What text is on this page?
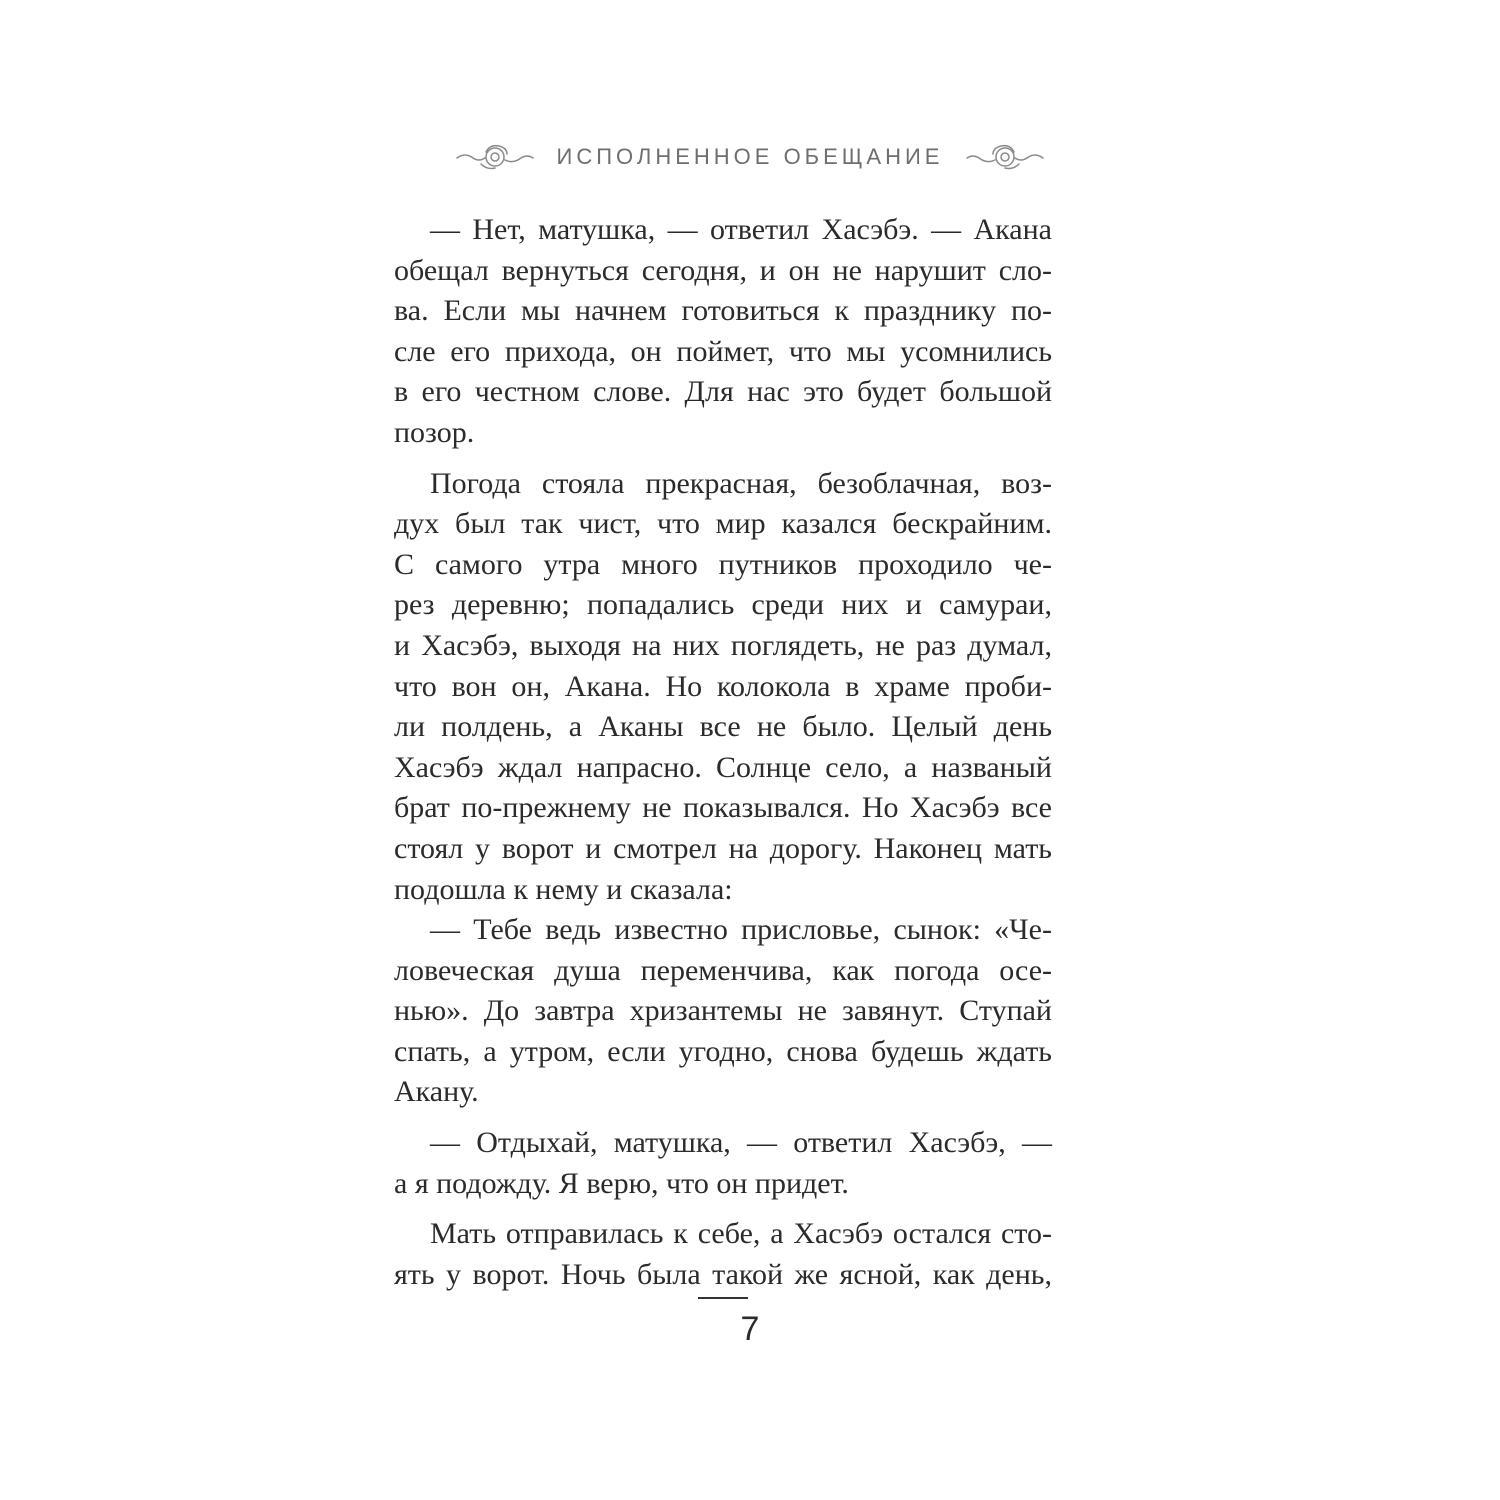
ИСПОЛНЕННОЕ ОБЕЩАНИЕ
— Нет, матушка, — ответил Хасэбэ. — Акана
обещал вернуться сегодня, и он не нарушит сло-
ва. Если мы начнем готовиться к празднику по-
сле его прихода, он поймет, что мы усомнились
в его честном слове. Для нас это будет большой
позор.
Погода стояла прекрасная, безоблачная, воз-
дух был так чист, что мир казался бескрайним.
С самого утра много путников проходило че-
рез деревню; попадались среди них и самураи,
и Хасэбэ, выходя на них поглядеть, не раз думал,
что вон он, Акана. Но колокола в храме проби-
ли полдень, а Аканы все не было. Целый день
Хасэбэ ждал напрасно. Солнце село, а названый
брат по-прежнему не показывался. Но Хасэбэ все
стоял у ворот и смотрел на дорогу. Наконец мать
подошла к нему и сказала:
— Тебе ведь известно присловье, сынок: «Че-
ловеческая душа переменчива, как погода осе-
нью». До завтра хризантемы не завянут. Ступай
спать, а утром, если угодно, снова будешь ждать
Акану.
— Отдыхай, матушка, — ответил Хасэбэ, —
а я подожду. Я верю, что он придет.
Мать отправилась к себе, а Хасэбэ остался сто-
ять у ворот. Ночь была такой же ясной, как день,
7
